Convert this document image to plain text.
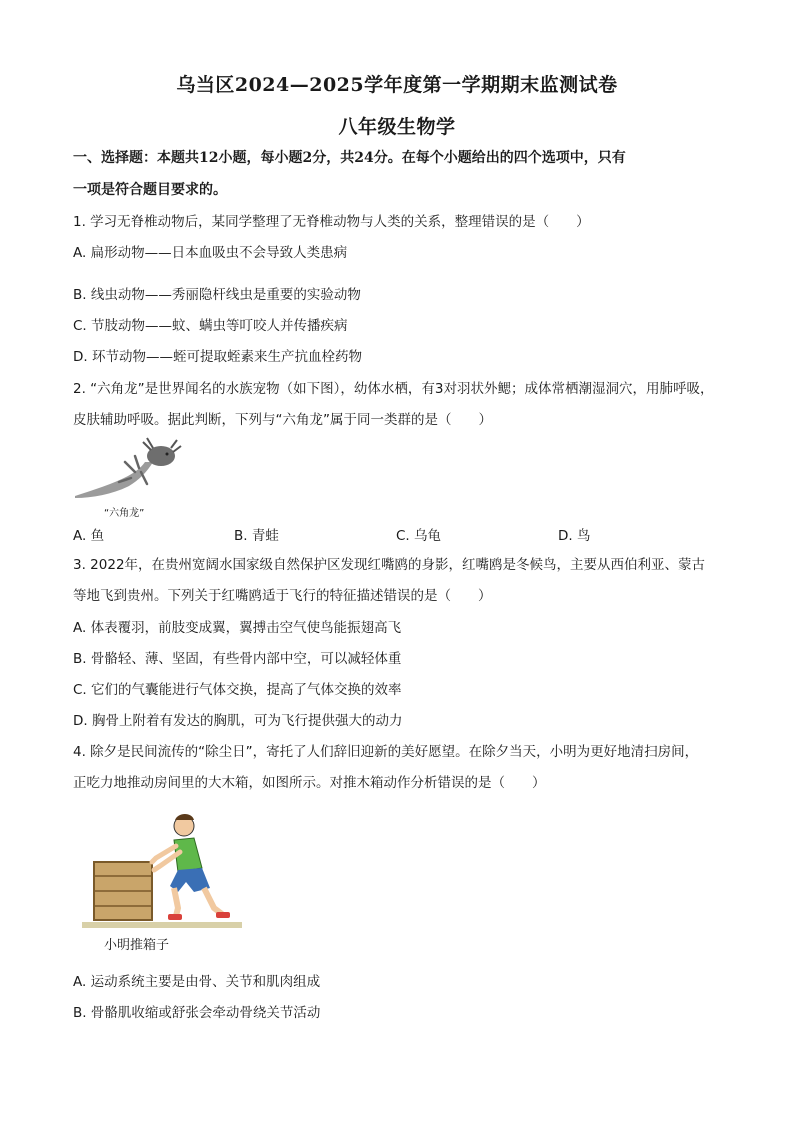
乌当区2024—2025学年度第一学期期末监测试卷
八年级生物学
一、选择题：本题共12小题，每小题2分，共24分。在每个小题给出的四个选项中，只有
一项是符合题目要求的。
1. 学习无脊椎动物后，某同学整理了无脊椎动物与人类的关系，整理错误的是（　　）
A. 扁形动物——日本血吸虫不会导致人类患病
B. 线虫动物——秀丽隐杆线虫是重要的实验动物
C. 节肢动物——蚊、螨虫等叮咬人并传播疾病
D. 环节动物——蛭可提取蛭素来生产抗血栓药物
2. “六角龙”是世界闻名的水族宠物（如下图），幼体水栖，有3对羽状外鳃；成体常栖潮湿洞穴，用肺呼吸，
皮肤辅助呼吸。据此判断，下列与“六角龙”属于同一类群的是（　　）
“六角龙”
A. 鱼	B. 青蛙	C. 乌龟	D. 鸟
3. 2022年，在贵州宽阔水国家级自然保护区发现红嘴鸥的身影，红嘴鸥是冬候鸟，主要从西伯利亚、蒙古
等地飞到贵州。下列关于红嘴鸥适于飞行的特征描述错误的是（　　）
A. 体表覆羽，前肢变成翼，翼搏击空气使鸟能振翅高飞
B. 骨骼轻、薄、坚固，有些骨内部中空，可以减轻体重
C. 它们的气囊能进行气体交换，提高了气体交换的效率
D. 胸骨上附着有发达的胸肌，可为飞行提供强大的动力
4. 除夕是民间流传的“除尘日”，寄托了人们辞旧迎新的美好愿望。在除夕当天，小明为更好地清扫房间，
正吃力地推动房间里的大木箱，如图所示。对推木箱动作分析错误的是（　　）
小明推箱子
A. 运动系统主要是由骨、关节和肌肉组成
B. 骨骼肌收缩或舒张会牵动骨绕关节活动
